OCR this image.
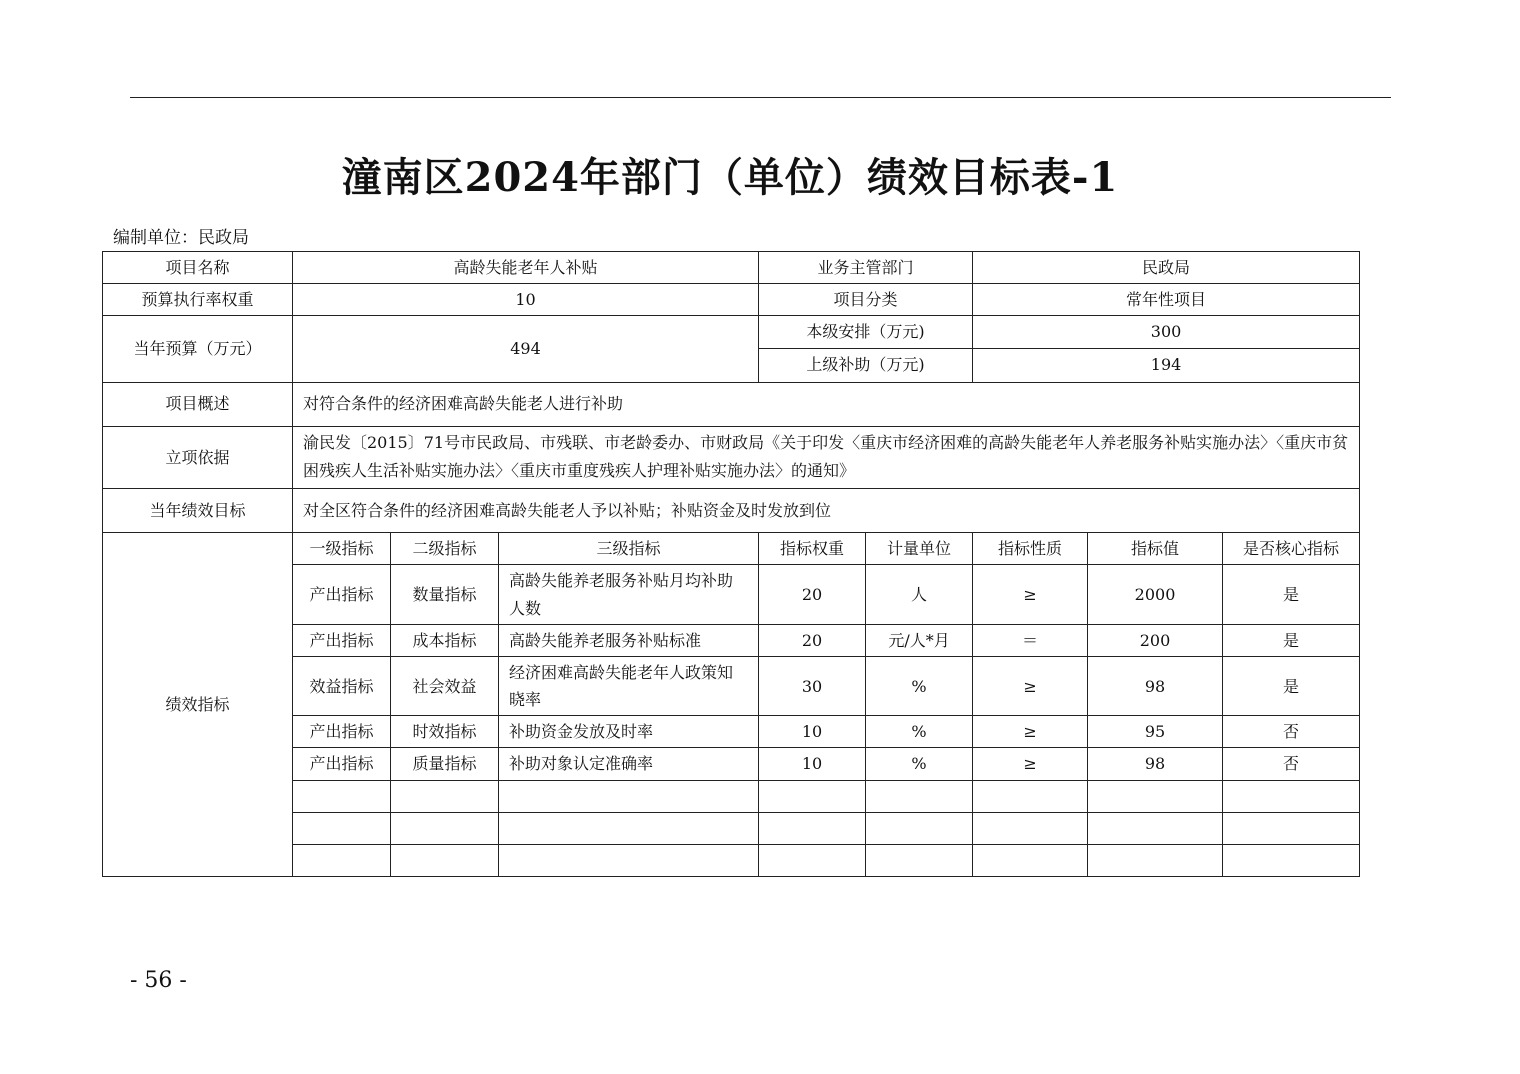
潼南区2024年部门（单位）绩效目标表-1
编制单位：民政局
项目名称	高龄失能老年人补贴			业务主管部门		民政局		
预算执行率权重	10			项目分类		常年性项目		
当年预算（万元）	494			本级安排（万元)		300		
				上级补助（万元)		194		
项目概述	对符合条件的经济困难高龄失能老人进行补助							
立项依据	渝民发〔2015〕71号市民政局、市残联、市老龄委办、市财政局《关于印发〈重庆市经济困难的高龄失能老年人养老服务补贴实施办法〉〈重庆市贫困残疾人生活补贴实施办法〉〈重庆市重度残疾人护理补贴实施办法〉的通知》							
当年绩效目标	对全区符合条件的经济困难高龄失能老人予以补贴；补贴资金及时发放到位							
绩效指标	一级指标	二级指标	三级指标	指标权重	计量单位	指标性质	指标值	是否核心指标
	产出指标	数量指标	高龄失能养老服务补贴月均补助人数	20	人	≥	2000	是
	产出指标	成本指标	高龄失能养老服务补贴标准	20	元/人*月	＝	200	是
	效益指标	社会效益	经济困难高龄失能老年人政策知晓率	30	%	≥	98	是
	产出指标	时效指标	补助资金发放及时率	10	%	≥	95	否
	产出指标	质量指标	补助对象认定准确率	10	%	≥	98	否

- 56 -
